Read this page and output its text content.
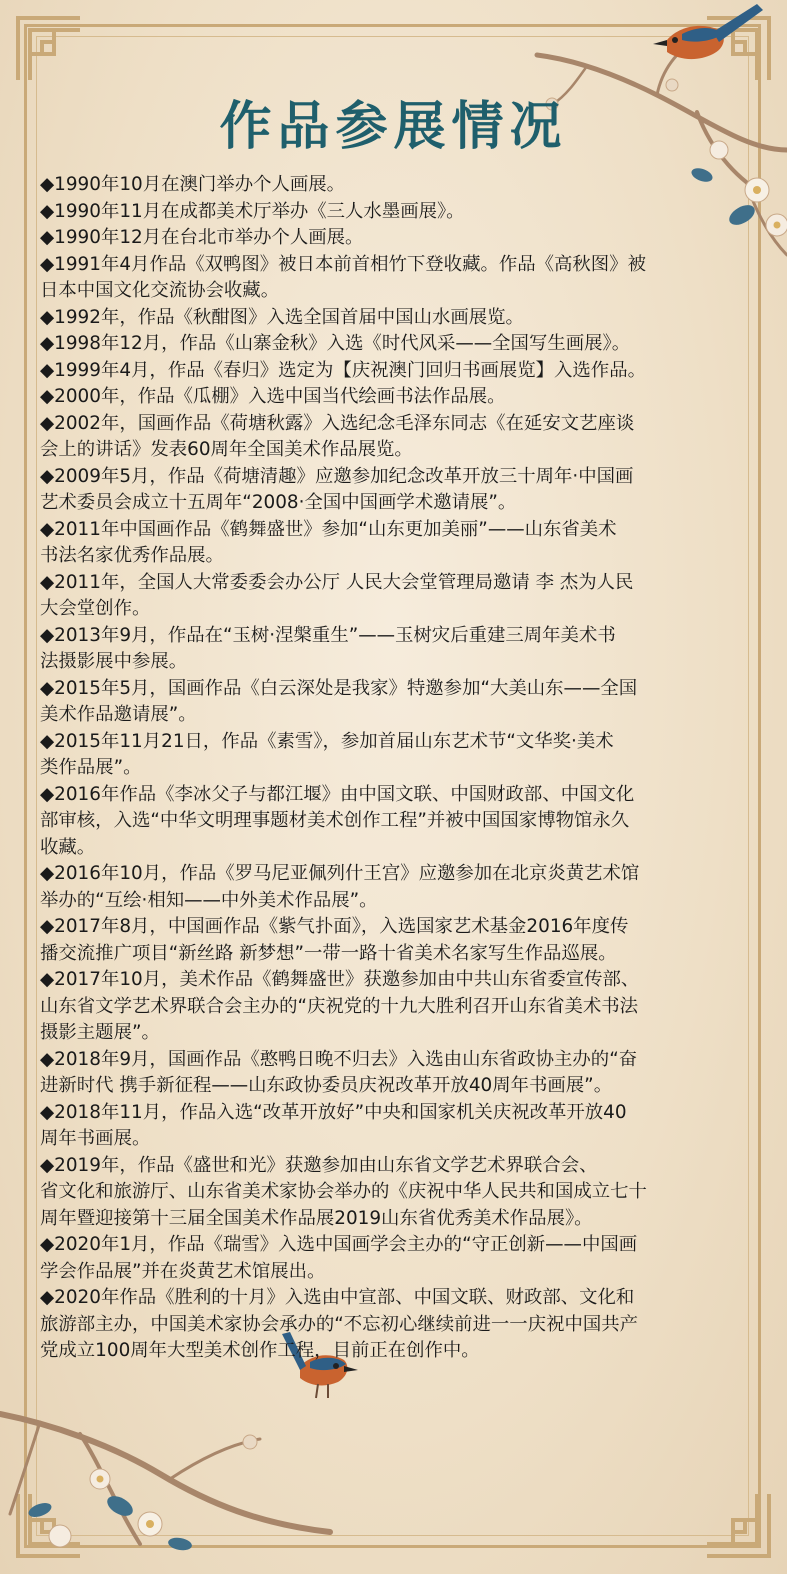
作品参展情况
◆1990年10月在澳门举办个人画展。
◆1990年11月在成都美术厅举办《三人水墨画展》。
◆1990年12月在台北市举办个人画展。
◆1991年4月作品《双鸭图》被日本前首相竹下登收藏。作品《高秋图》被
日本中国文化交流协会收藏。
◆1992年，作品《秋酣图》入选全国首届中国山水画展览。
◆1998年12月，作品《山寨金秋》入选《时代风采——全国写生画展》。
◆1999年4月，作品《春归》选定为【庆祝澳门回归书画展览】入选作品。
◆2000年，作品《瓜棚》入选中国当代绘画书法作品展。
◆2002年，国画作品《荷塘秋露》入选纪念毛泽东同志《在延安文艺座谈
会上的讲话》发表60周年全国美术作品展览。
◆2009年5月，作品《荷塘清趣》应邀参加纪念改革开放三十周年·中国画
艺术委员会成立十五周年“2008·全国中国画学术邀请展”。
◆2011年中国画作品《鹤舞盛世》参加“山东更加美丽”——山东省美术
书法名家优秀作品展。
◆2011年，全国人大常委委会办公厅 人民大会堂管理局邀请 李 杰为人民
大会堂创作。
◆2013年9月，作品在“玉树·涅槃重生”——玉树灾后重建三周年美术书
法摄影展中参展。
◆2015年5月，国画作品《白云深处是我家》特邀参加“大美山东——全国
美术作品邀请展”。
◆2015年11月21日，作品《素雪》，参加首届山东艺术节“文华奖·美术
类作品展”。
◆2016年作品《李冰父子与都江堰》由中国文联、中国财政部、中国文化
部审核，入选“中华文明理事题材美术创作工程”并被中国国家博物馆永久
收藏。
◆2016年10月，作品《罗马尼亚佩列什王宫》应邀参加在北京炎黄艺术馆
举办的“互绘·相知——中外美术作品展”。
◆2017年8月，中国画作品《紫气扑面》，入选国家艺术基金2016年度传
播交流推广项目“新丝路 新梦想”一带一路十省美术名家写生作品巡展。
◆2017年10月，美术作品《鹤舞盛世》获邀参加由中共山东省委宣传部、
山东省文学艺术界联合会主办的“庆祝党的十九大胜利召开山东省美术书法
摄影主题展”。
◆2018年9月，国画作品《憨鸭日晚不归去》入选由山东省政协主办的“奋
进新时代 携手新征程——山东政协委员庆祝改革开放40周年书画展”。
◆2018年11月，作品入选“改革开放好”中央和国家机关庆祝改革开放40
周年书画展。
◆2019年，作品《盛世和光》获邀参加由山东省文学艺术界联合会、
省文化和旅游厅、山东省美术家协会举办的《庆祝中华人民共和国成立七十
周年暨迎接第十三届全国美术作品展2019山东省优秀美术作品展》。
◆2020年1月，作品《瑞雪》入选中国画学会主办的“守正创新——中国画
学会作品展”并在炎黄艺术馆展出。
◆2020年作品《胜利的十月》入选由中宣部、中国文联、财政部、文化和
旅游部主办，中国美术家协会承办的“不忘初心继续前进一一庆祝中国共产
党成立100周年大型美术创作工程，目前正在创作中。
